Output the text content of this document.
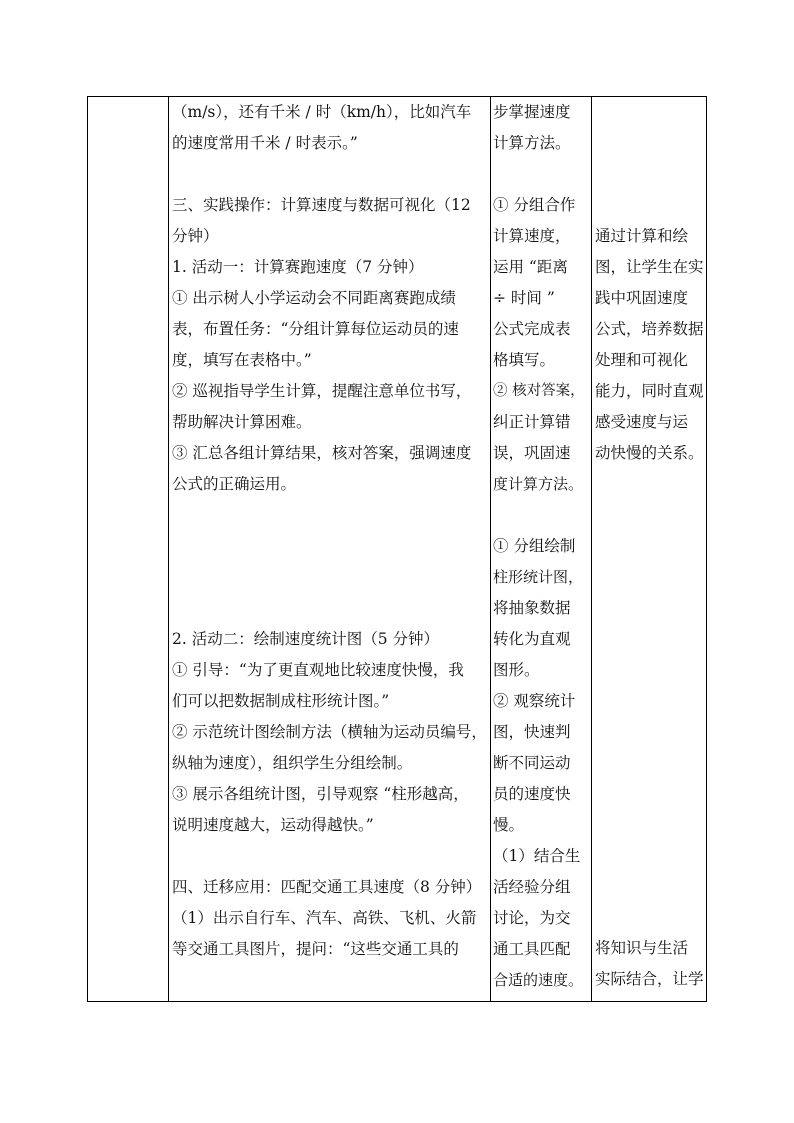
（m/s），还有千米 / 时（km/h），比如汽车

的速度常用千米 / 时表示。”

三、实践操作：计算速度与数据可视化（12

分钟）

1. 活动一：计算赛跑速度（7 分钟）

① 出示树人小学运动会不同距离赛跑成绩

表，布置任务：“分组计算每位运动员的速

度，填写在表格中。”

② 巡视指导学生计算，提醒注意单位书写，

帮助解决计算困难。

③ 汇总各组计算结果，核对答案，强调速度

公式的正确运用。

2. 活动二：绘制速度统计图（5 分钟）

① 引导：“为了更直观地比较速度快慢，我

们可以把数据制成柱形统计图。”

② 示范统计图绘制方法（横轴为运动员编号，

纵轴为速度），组织学生分组绘制。

③ 展示各组统计图，引导观察 “柱形越高，

说明速度越大，运动得越快。”

四、迁移应用：匹配交通工具速度（8 分钟）

（1）出示自行车、汽车、高铁、飞机、火箭

等交通工具图片，提问：“这些交通工具的

步掌握速度

计算方法。

① 分组合作

计算速度，

运用 “距离

÷ 时间 ”

公式完成表

格填写。

② 核对答案，

纠正计算错

误，巩固速

度计算方法。

① 分组绘制

柱形统计图，

将抽象数据

转化为直观

图形。

② 观察统计

图，快速判

断不同运动

员的速度快

慢。

（1）结合生

活经验分组

讨论，为交

通工具匹配

合适的速度。

通过计算和绘

图，让学生在实

践中巩固速度

公式，培养数据

处理和可视化

能力，同时直观

感受速度与运

动快慢的关系。

将知识与生活

实际结合，让学
